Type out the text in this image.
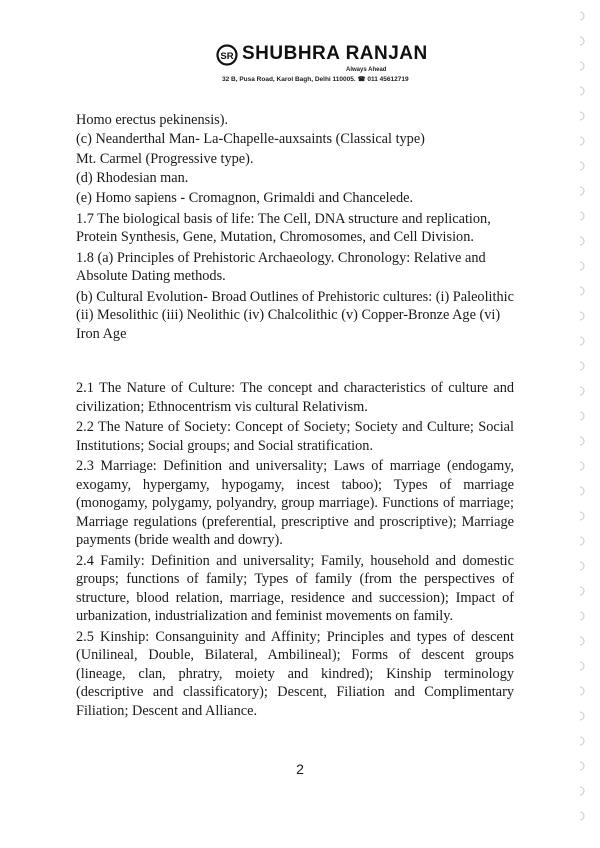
SR SHUBHRA RANJAN
Always Ahead
32 B, Pusa Road, Karol Bagh, Delhi 110005. ☎ 011 45612719

Homo erectus pekinensis).

(c) Neanderthal Man- La-Chapelle-auxsaints (Classical type)

Mt. Carmel (Progressive type).

(d) Rhodesian man.

(e) Homo sapiens - Cromagnon, Grimaldi and Chancelede.

1.7 The biological basis of life: The Cell, DNA structure and replication, Protein Synthesis, Gene, Mutation, Chromosomes, and Cell Division.

1.8 (a) Principles of Prehistoric Archaeology. Chronology: Relative and Absolute Dating methods.

(b) Cultural Evolution- Broad Outlines of Prehistoric cultures: (i) Paleolithic (ii) Mesolithic (iii) Neolithic (iv) Chalcolithic (v) Copper-Bronze Age (vi) Iron Age

2.1 The Nature of Culture: The concept and characteristics of culture and civilization; Ethnocentrism vis cultural Relativism.

2.2 The Nature of Society: Concept of Society; Society and Culture; Social Institutions; Social groups; and Social stratification.

2.3 Marriage: Definition and universality; Laws of marriage (endogamy, exogamy, hypergamy, hypogamy, incest taboo); Types of marriage (monogamy, polygamy, polyandry, group marriage). Functions of marriage; Marriage regulations (preferential, prescriptive and proscriptive); Marriage payments (bride wealth and dowry).

2.4 Family: Definition and universality; Family, household and domestic groups; functions of family; Types of family (from the perspectives of structure, blood relation, marriage, residence and succession); Impact of urbanization, industrialization and feminist movements on family.

2.5 Kinship: Consanguinity and Affinity; Principles and types of descent (Unilineal, Double, Bilateral, Ambilineal); Forms of descent groups (lineage, clan, phratry, moiety and kindred); Kinship terminology (descriptive and classificatory); Descent, Filiation and Complimentary Filiation; Descent and Alliance.

2
